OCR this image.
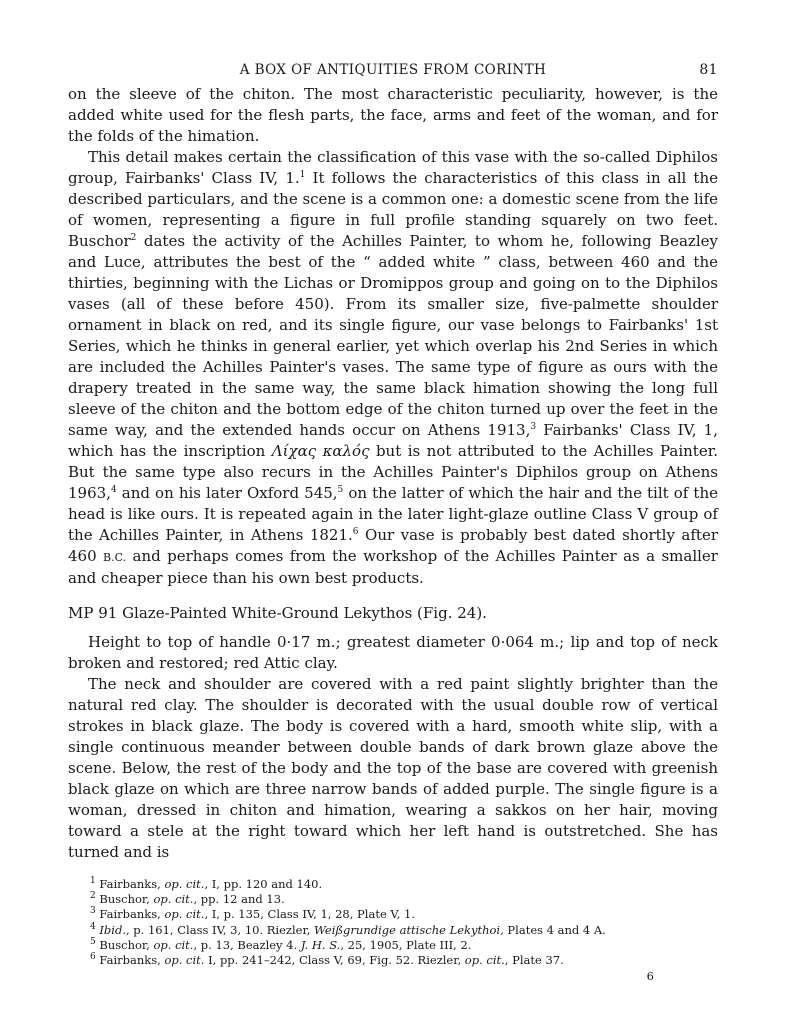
A BOX OF ANTIQUITIES FROM CORINTH	81

on the sleeve of the chiton. The most characteristic peculiarity, however, is the added white used for the flesh parts, the face, arms and feet of the woman, and for the folds of the himation.

This detail makes certain the classification of this vase with the so-called Diphilos group, Fairbanks' Class IV, 1.$^1$ It follows the characteristics of this class in all the described particulars, and the scene is a common one: a domestic scene from the life of women, representing a figure in full profile standing squarely on two feet. Buschor$^2$ dates the activity of the Achilles Painter, to whom he, following Beazley and Luce, attributes the best of the “ added white ” class, between 460 and the thirties, beginning with the Lichas or Dromippos group and going on to the Diphilos vases (all of these before 450). From its smaller size, five-palmette shoulder ornament in black on red, and its single figure, our vase belongs to Fairbanks' 1st Series, which he thinks in general earlier, yet which overlap his 2nd Series in which are included the Achilles Painter's vases. The same type of figure as ours with the drapery treated in the same way, the same black himation showing the long full sleeve of the chiton and the bottom edge of the chiton turned up over the feet in the same way, and the extended hands occur on Athens 1913,$^3$ Fairbanks' Class IV, 1, which has the inscription Λίχας καλός but is not attributed to the Achilles Painter. But the same type also recurs in the Achilles Painter's Diphilos group on Athens 1963,$^4$ and on his later Oxford 545,$^5$ on the latter of which the hair and the tilt of the head is like ours. It is repeated again in the later light-glaze outline Class V group of the Achilles Painter, in Athens 1821.$^6$ Our vase is probably best dated shortly after 460 B.C. and perhaps comes from the workshop of the Achilles Painter as a smaller and cheaper piece than his own best products.

MP 91 Glaze-Painted White-Ground Lekythos (Fig. 24).

Height to top of handle 0·17 m.; greatest diameter 0·064 m.; lip and top of neck broken and restored; red Attic clay.

The neck and shoulder are covered with a red paint slightly brighter than the natural red clay. The shoulder is decorated with the usual double row of vertical strokes in black glaze. The body is covered with a hard, smooth white slip, with a single continuous meander between double bands of dark brown glaze above the scene. Below, the rest of the body and the top of the base are covered with greenish black glaze on which are three narrow bands of added purple. The single figure is a woman, dressed in chiton and himation, wearing a sakkos on her hair, moving toward a stele at the right toward which her left hand is outstretched. She has turned and is

$^1$ Fairbanks, op. cit., I, pp. 120 and 140.
$^2$ Buschor, op. cit., pp. 12 and 13.
$^3$ Fairbanks, op. cit., I, p. 135, Class IV, 1, 28, Plate V, 1.
$^4$ Ibid., p. 161, Class IV, 3, 10. Riezler, Weißgrundige attische Lekythoi, Plates 4 and 4 A.
$^5$ Buschor, op. cit., p. 13, Beazley 4. J. H. S., 25, 1905, Plate III, 2.
$^6$ Fairbanks, op. cit. I, pp. 241–242, Class V, 69, Fig. 52. Riezler, op. cit., Plate 37.
6
